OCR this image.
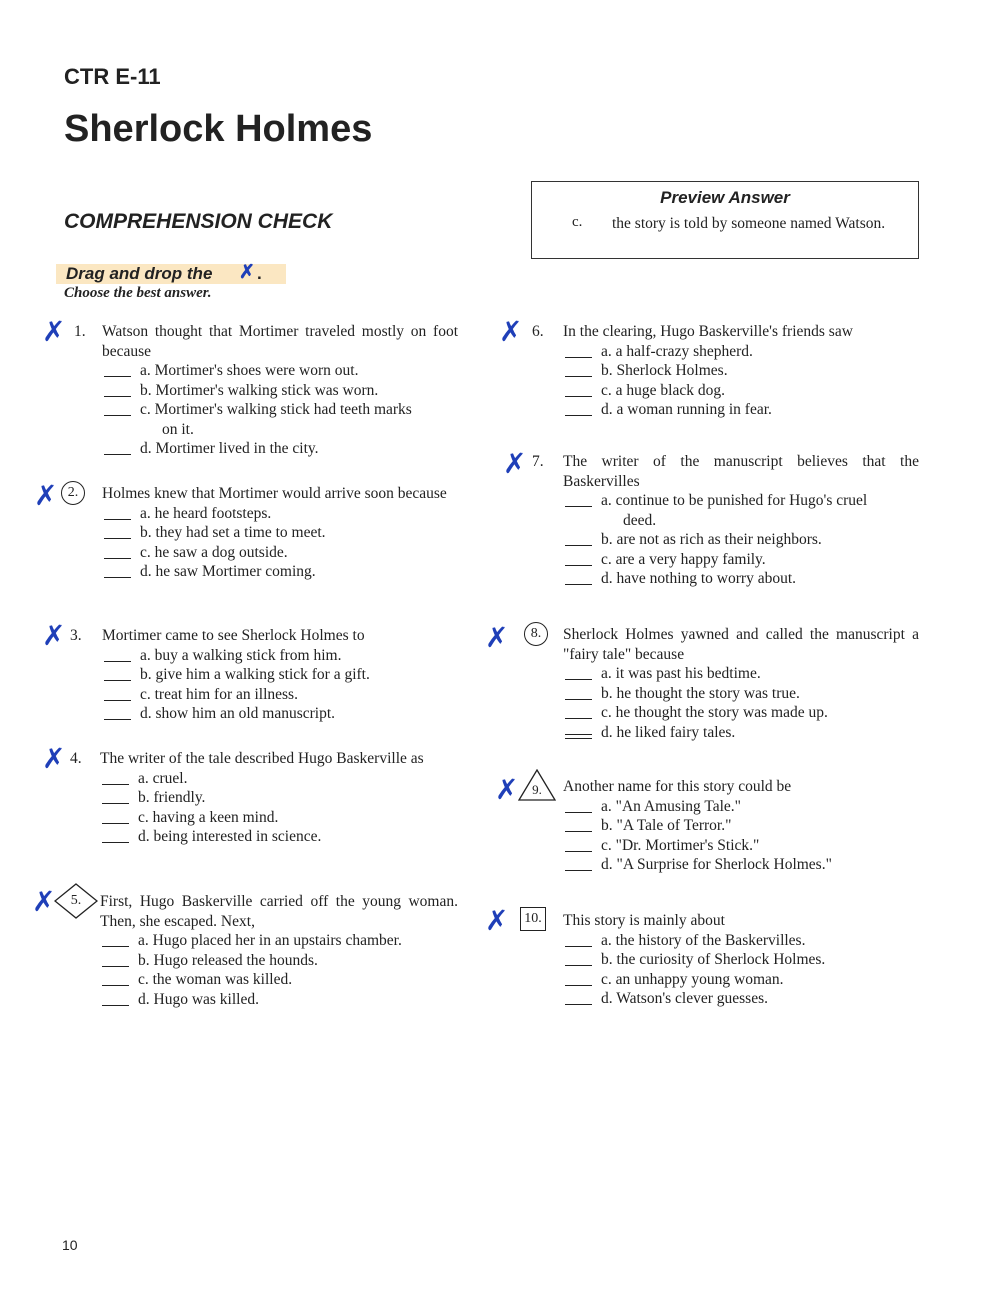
CTR E-11
Sherlock Holmes
COMPREHENSION CHECK
Preview Answer
c. the story is told by someone named Watson.
Drag and drop the ✗ .
Choose the best answer.
✗ 1. Watson thought that Mortimer traveled mostly on foot because
a. Mortimer's shoes were worn out.
b. Mortimer's walking stick was worn.
c. Mortimer's walking stick had teeth marks
on it.
d. Mortimer lived in the city.
✗ 2.	Holmes knew that Mortimer would arrive soon because
a. he heard footsteps.
b. they had set a time to meet.
c. he saw a dog outside.
d. he saw Mortimer coming.
✗ 3. Mortimer came to see Sherlock Holmes to
a. buy a walking stick from him.
b. give him a walking stick for a gift.
c. treat him for an illness.
d. show him an old manuscript.
✗ 4. The writer of the tale described Hugo Baskerville as
a. cruel.
b. friendly.
c. having a keen mind.
d. being interested in science.
✗	5.	First, Hugo Baskerville carried off the young woman. Then, she escaped. Next,
a. Hugo placed her in an upstairs chamber.
b. Hugo released the hounds.
c. the woman was killed.
d. Hugo was killed.
✗ 6. In the clearing, Hugo Baskerville's friends saw
a. a half-crazy shepherd.
b. Sherlock Holmes.
c. a huge black dog.
d. a woman running in fear.
✗ 7. The writer of the manuscript believes that the Baskervilles
a. continue to be punished for Hugo's cruel
deed.
b. are not as rich as their neighbors.
c. are a very happy family.
d. have nothing to worry about.
✗	8.	Sherlock Holmes yawned and called the manuscript a "fairy tale" because
a. it was past his bedtime.
b. he thought the story was true.
c. he thought the story was made up.
d. he liked fairy tales.
✗	9.	Another name for this story could be
a. "An Amusing Tale."
b. "A Tale of Terror."
c. "Dr. Mortimer's Stick."
d. "A Surprise for Sherlock Holmes."
✗	10. This story is mainly about
a. the history of the Baskervilles.
b. the curiosity of Sherlock Holmes.
c. an unhappy young woman.
d. Watson's clever guesses.
10
